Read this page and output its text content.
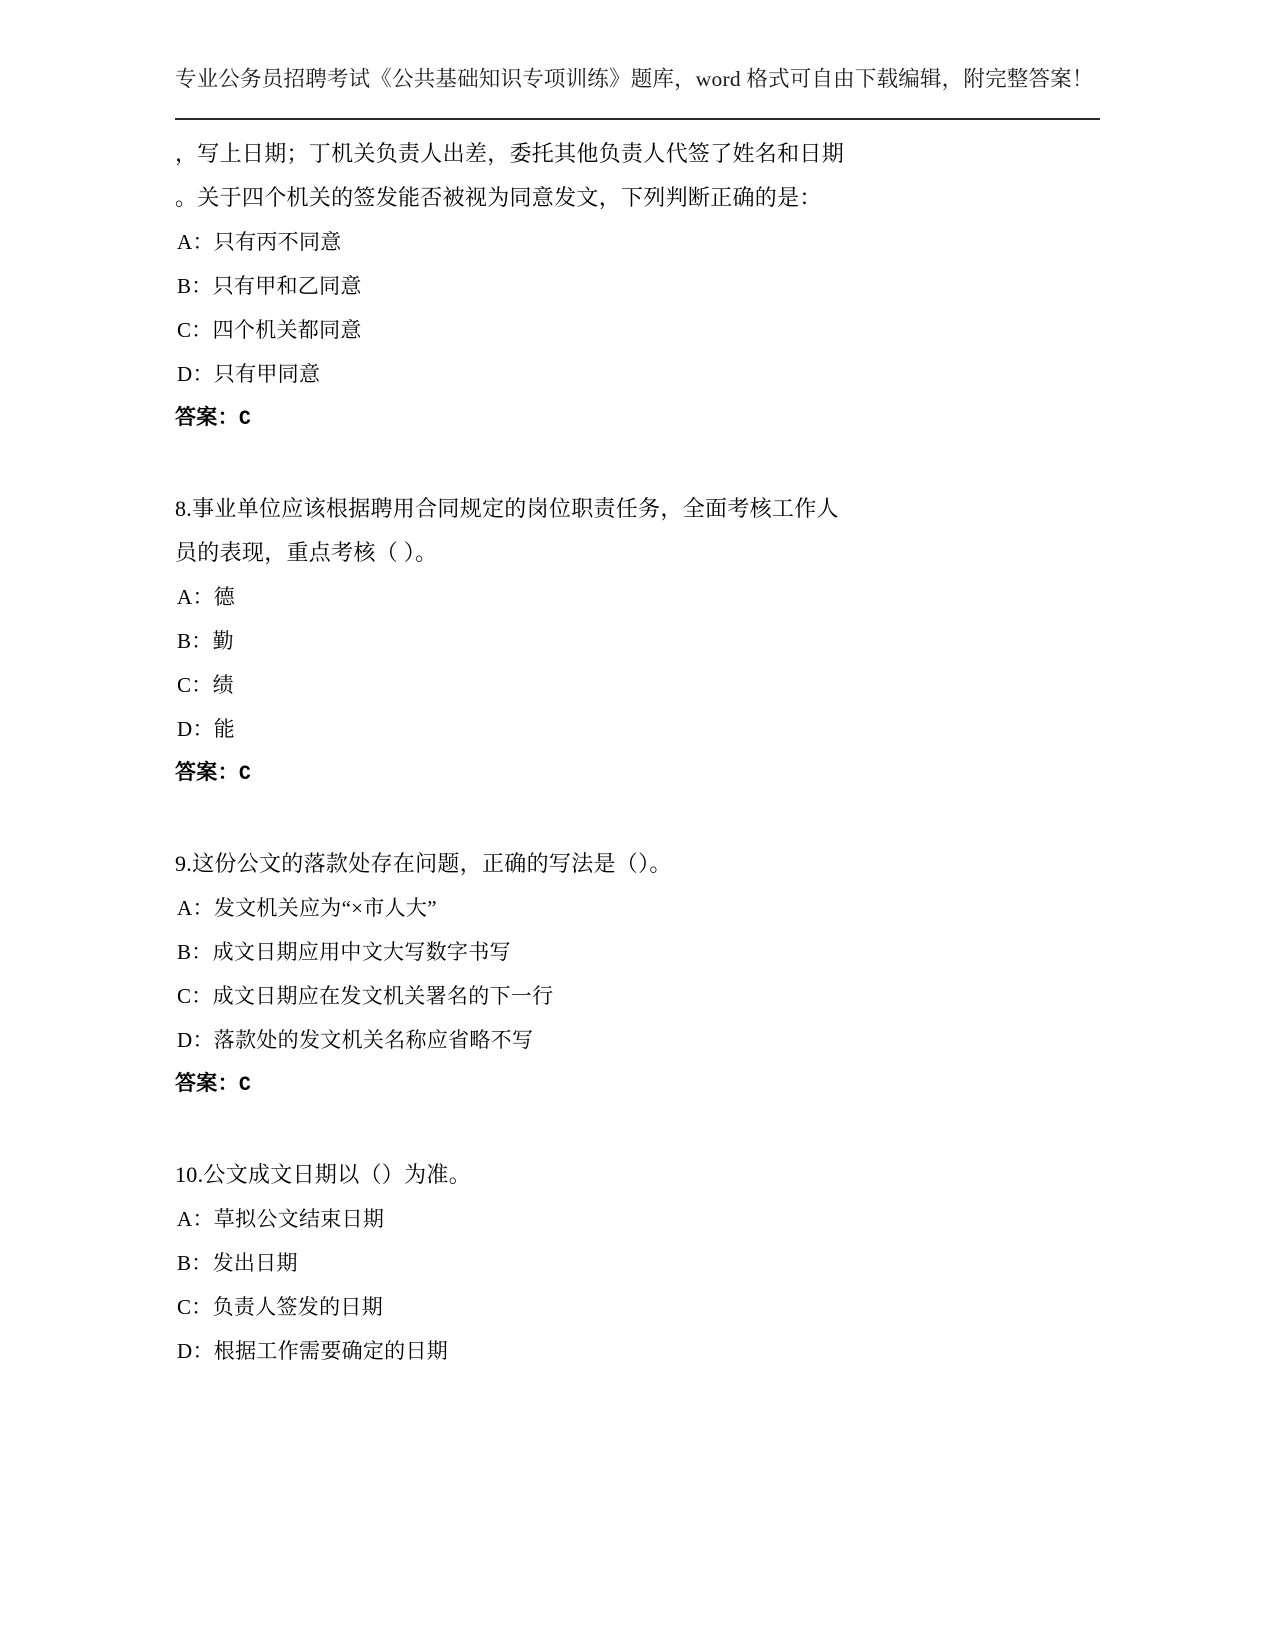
专业公务员招聘考试《公共基础知识专项训练》题库，word 格式可自由下载编辑，附完整答案！
，写上日期；丁机关负责人出差，委托其他负责人代签了姓名和日期
。关于四个机关的签发能否被视为同意发文，下列判断正确的是：
A：只有丙不同意
B：只有甲和乙同意
C：四个机关都同意
D：只有甲同意
答案：C
8.事业单位应该根据聘用合同规定的岗位职责任务，全面考核工作人
员的表现，重点考核（ ）。
A：德
B：勤
C：绩
D：能
答案：C
9.这份公文的落款处存在问题，正确的写法是（）。
A：发文机关应为“×市人大”
B：成文日期应用中文大写数字书写
C：成文日期应在发文机关署名的下一行
D：落款处的发文机关名称应省略不写
答案：C
10.公文成文日期以（）为准。
A：草拟公文结束日期
B：发出日期
C：负责人签发的日期
D：根据工作需要确定的日期
